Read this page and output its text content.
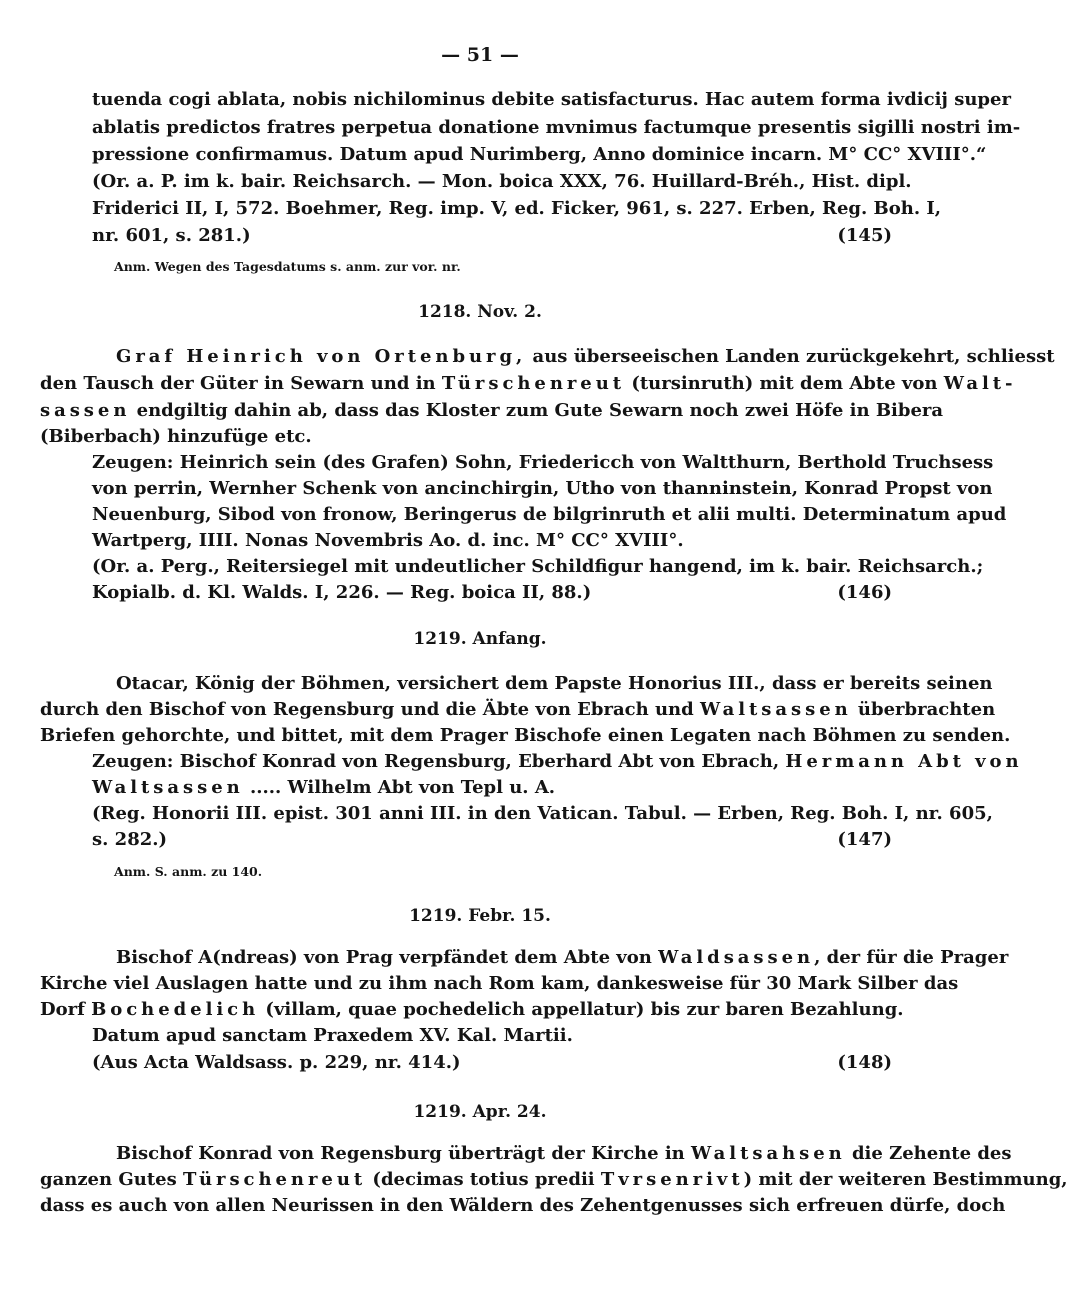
— 51 —
tuenda cogi ablata, nobis nichilominus debite satisfacturus. Hac autem forma ivdicij super
ablatis predictos fratres perpetua donatione mvnimus factumque presentis sigilli nostri im-
pressione confirmamus. Datum apud Nurimberg, Anno dominice incarn. M° CC° XVIII°.“
(Or. a. P. im k. bair. Reichsarch. — Mon. boica XXX, 76. Huillard-Bréh., Hist. dipl.
Friderici II, I, 572. Boehmer, Reg. imp. V, ed. Ficker, 961, s. 227. Erben, Reg. Boh. I,
nr. 601, s. 281.)	(145)
Anm. Wegen des Tagesdatums s. anm. zur vor. nr.
1218. Nov. 2.
Graf Heinrich von Ortenburg, aus überseeischen Landen zurückgekehrt, schliesst
den Tausch der Güter in Sewarn und in Türschenreut (tursinruth) mit dem Abte von Walt-
sassen endgiltig dahin ab, dass das Kloster zum Gute Sewarn noch zwei Höfe in Bibera
(Biberbach) hinzufüge etc.
Zeugen: Heinrich sein (des Grafen) Sohn, Friedericch von Waltthurn, Berthold Truchsess
von perrin, Wernher Schenk von ancinchirgin, Utho von thanninstein, Konrad Propst von
Neuenburg, Sibod von fronow, Beringerus de bilgrinruth et alii multi. Determinatum apud
Wartperg, IIII. Nonas Novembris Ao. d. inc. M° CC° XVIII°.
(Or. a. Perg., Reitersiegel mit undeutlicher Schildfigur hangend, im k. bair. Reichsarch.;
Kopialb. d. Kl. Walds. I, 226. — Reg. boica II, 88.)	(146)
1219. Anfang.
Otacar, König der Böhmen, versichert dem Papste Honorius III., dass er bereits seinen
durch den Bischof von Regensburg und die Äbte von Ebrach und Waltsassen überbrachten
Briefen gehorchte, und bittet, mit dem Prager Bischofe einen Legaten nach Böhmen zu senden.
Zeugen: Bischof Konrad von Regensburg, Eberhard Abt von Ebrach, Hermann Abt von
Waltsassen ..... Wilhelm Abt von Tepl u. A.
(Reg. Honorii III. epist. 301 anni III. in den Vatican. Tabul. — Erben, Reg. Boh. I, nr. 605,
s. 282.)	(147)
Anm. S. anm. zu 140.
1219. Febr. 15.
Bischof A(ndreas) von Prag verpfändet dem Abte von Waldsassen, der für die Prager
Kirche viel Auslagen hatte und zu ihm nach Rom kam, dankesweise für 30 Mark Silber das
Dorf Bochedelich (villam, quae pochedelich appellatur) bis zur baren Bezahlung.
Datum apud sanctam Praxedem XV. Kal. Martii.
(Aus Acta Waldsass. p. 229, nr. 414.)	(148)
1219. Apr. 24.
Bischof Konrad von Regensburg überträgt der Kirche in Waltsahsen die Zehente des
ganzen Gutes Türschenreut (decimas totius predii Tvrsenrivt) mit der weiteren Bestimmung,
dass es auch von allen Neurissen in den Wäldern des Zehentgenusses sich erfreuen dürfe, doch
